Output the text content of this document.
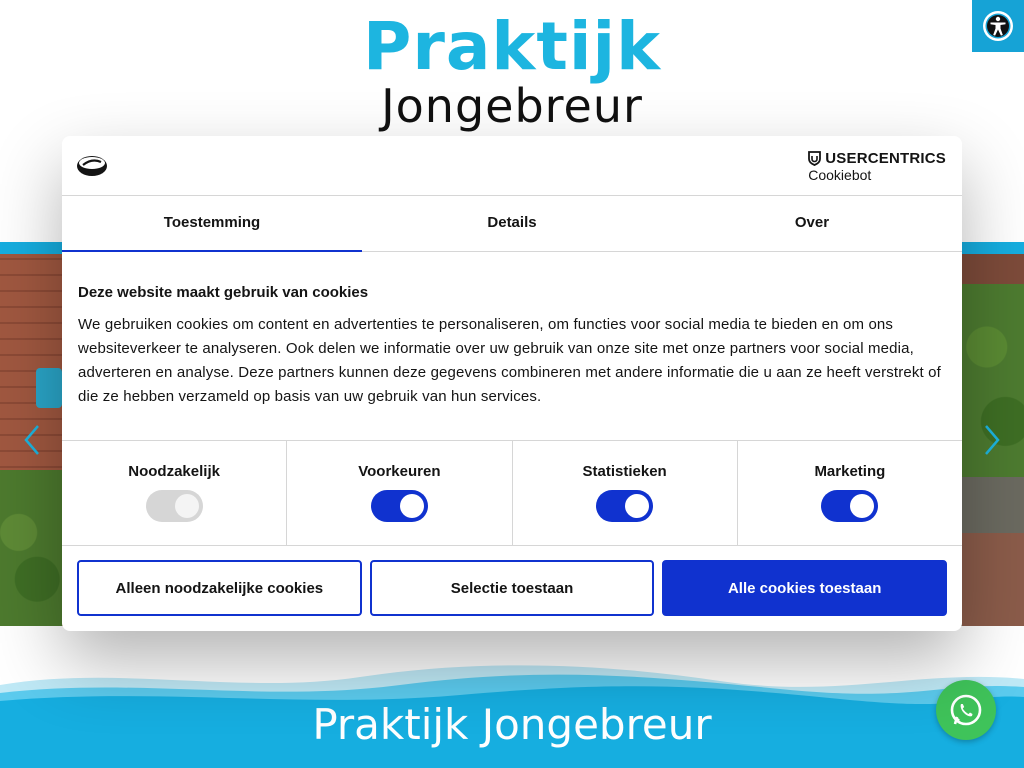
Praktijk
Jongebreur
Praktijk Jongebreur
USERCENTRICS
Cookiebot
Toestemming	Details	Over

Deze website maakt gebruik van cookies

We gebruiken cookies om content en advertenties te personaliseren, om functies voor social media te bieden en om ons websiteverkeer te analyseren. Ook delen we informatie over uw gebruik van onze site met onze partners voor social media, adverteren en analyse. Deze partners kunnen deze gegevens combineren met andere informatie die u aan ze heeft verstrekt of die ze hebben verzameld op basis van uw gebruik van hun services.

Noodzakelijk	Voorkeuren	Statistieken	Marketing
Alleen noodzakelijke cookies	Selectie toestaan	Alle cookies toestaan
